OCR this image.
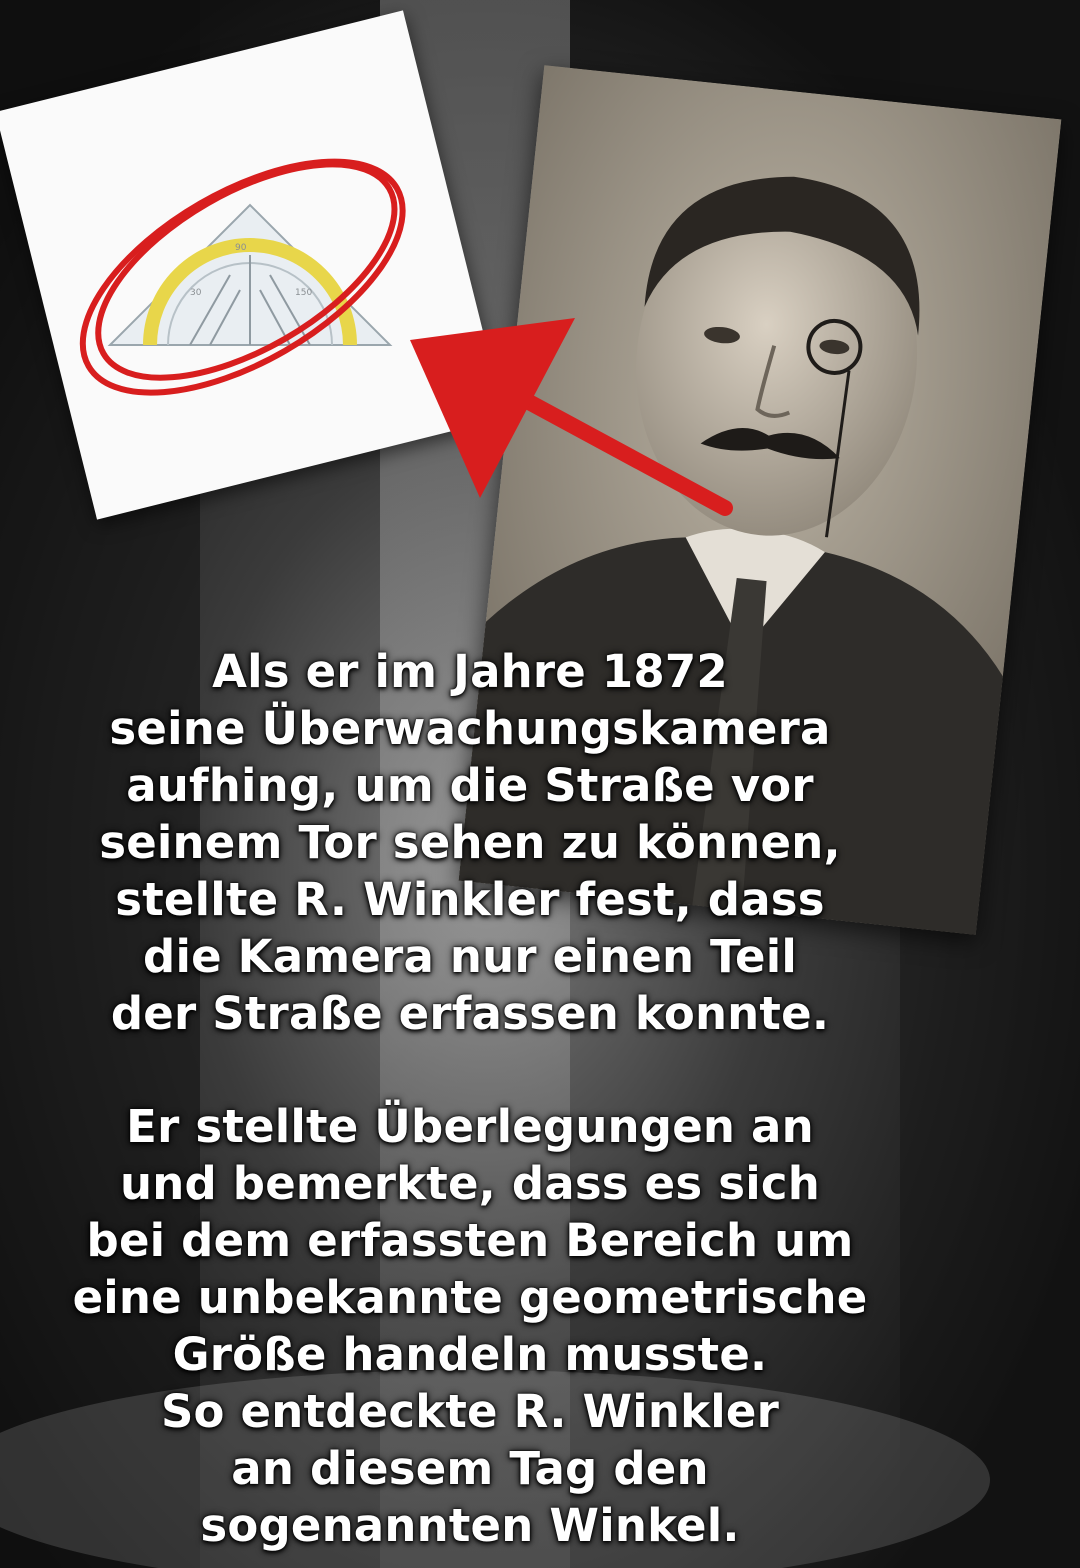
30
90
150
Als er im Jahre 1872
seine Überwachungskamera
aufhing, um die Straße vor
seinem Tor sehen zu können,
stellte R. Winkler fest, dass
die Kamera nur einen Teil
der Straße erfassen konnte.
Er stellte Überlegungen an
und bemerkte, dass es sich
bei dem erfassten Bereich um
eine unbekannte geometrische
Größe handeln musste.
So entdeckte R. Winkler
an diesem Tag den
sogenannten Winkel.
